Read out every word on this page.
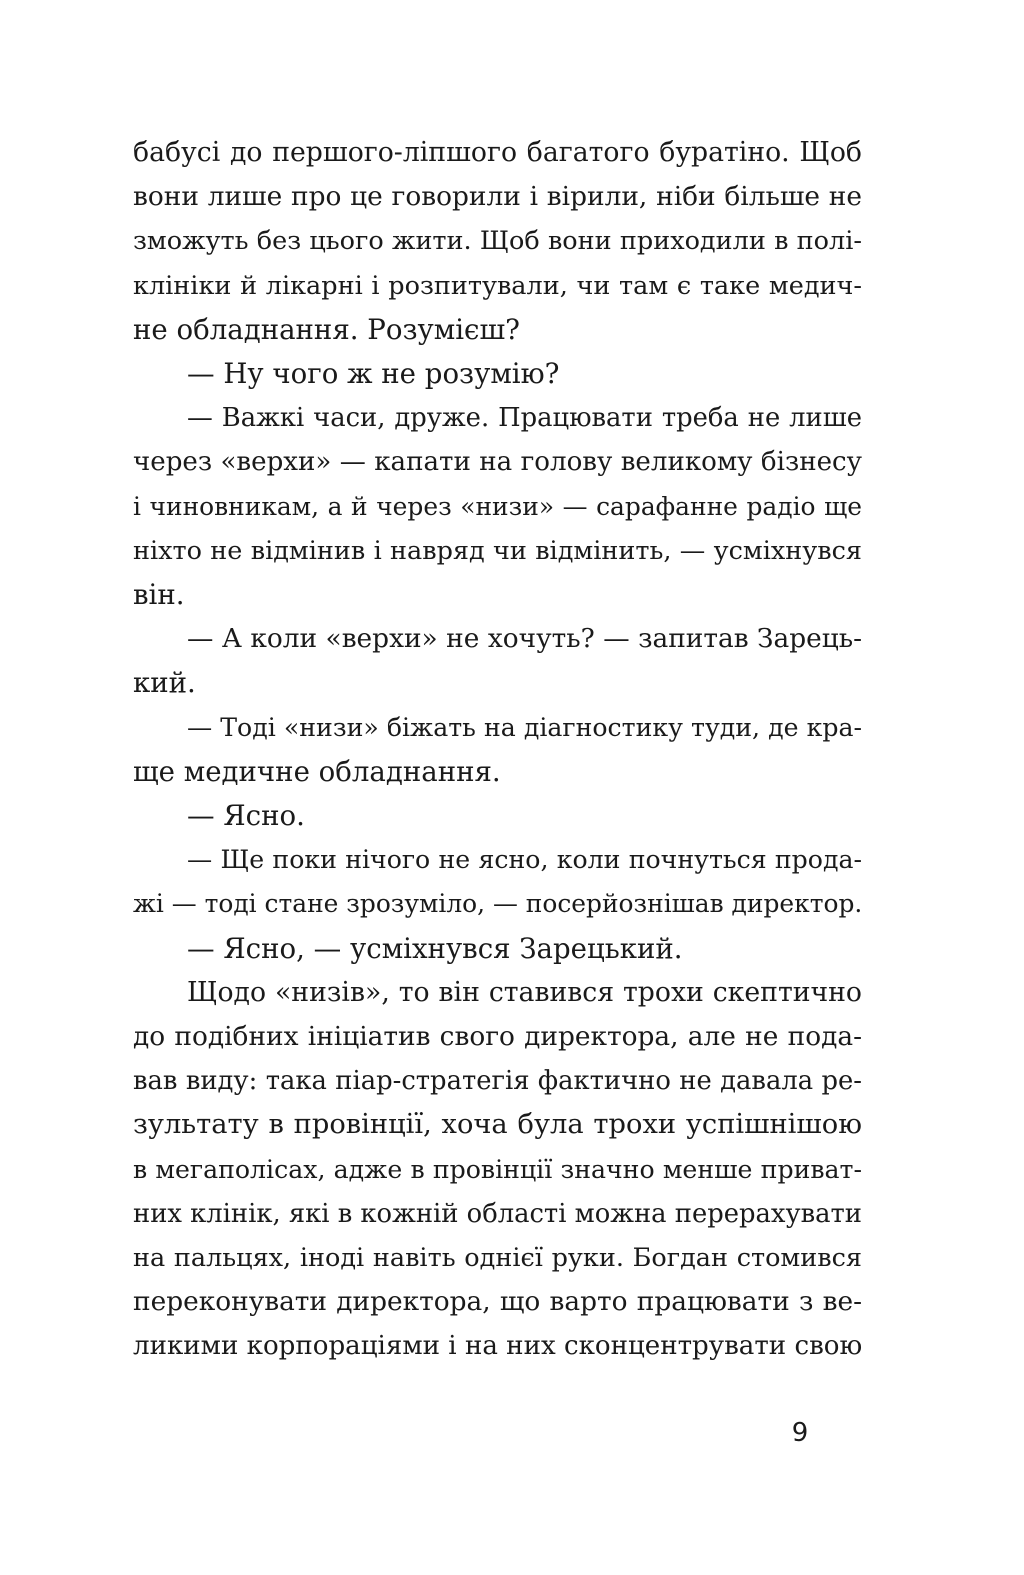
бабусі до першого-ліпшого багатого буратіно. Щоб
вони лише про це говорили і вірили, ніби більше не
зможуть без цього жити. Щоб вони приходили в полі-
клініки й лікарні і розпитували, чи там є таке медич-
не обладнання. Розумієш?
— Ну чого ж не розумію?
— Важкі часи, друже. Працювати треба не лише
через «верхи» — капати на голову великому бізнесу
і чиновникам, а й через «низи» — сарафанне радіо ще
ніхто не відмінив і навряд чи відмінить, — усміхнувся
він.
— А коли «верхи» не хочуть? — запитав Зарець-
кий.
— Тоді «низи» біжать на діагностику туди, де кра-
ще медичне обладнання.
— Ясно.
— Ще поки нічого не ясно, коли почнуться прода-
жі — тоді стане зрозуміло, — посерйознішав директор.
— Ясно, — усміхнувся Зарецький.
Щодо «низів», то він ставився трохи скептично
до подібних ініціатив свого директора, але не пода-
вав виду: така піар-стратегія фактично не давала ре-
зультату в провінції, хоча була трохи успішнішою
в мегаполісах, адже в провінції значно менше приват-
них клінік, які в кожній області можна перерахувати
на пальцях, іноді навіть однієї руки. Богдан стомився
переконувати директора, що варто працювати з ве-
ликими корпораціями і на них сконцентрувати свою
9
